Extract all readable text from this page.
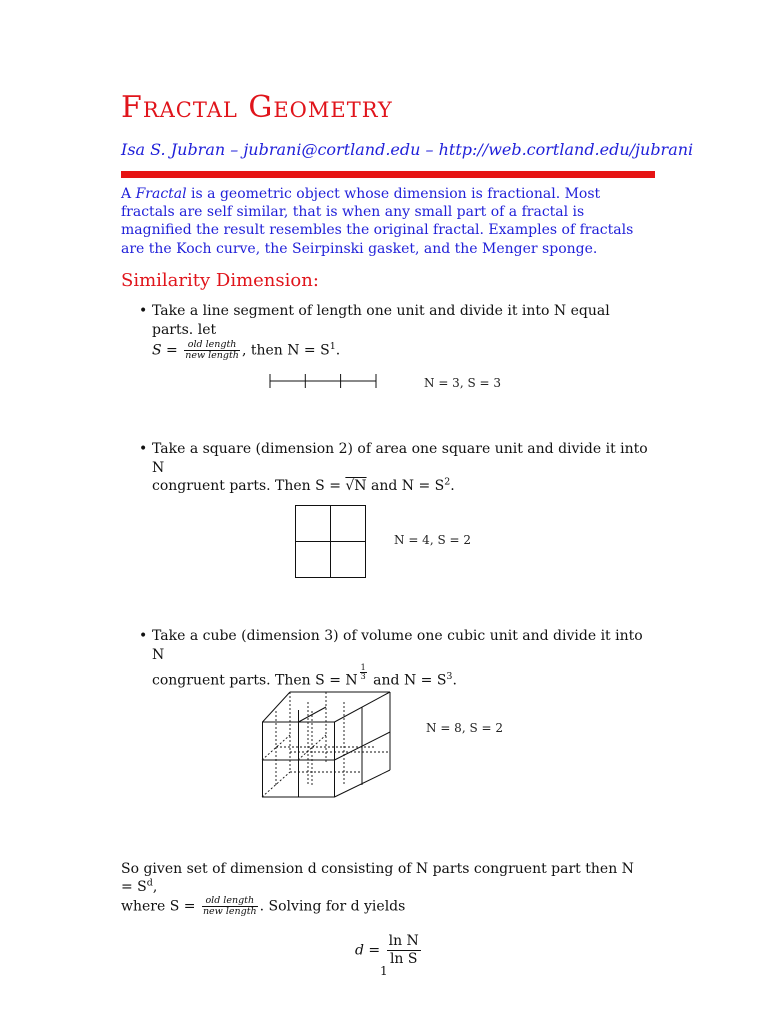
Fractal Geometry
Isa S. Jubran – jubrani@cortland.edu – http://web.cortland.edu/jubrani

A Fractal is a geometric object whose dimension is fractional. Most fractals are self similar, that is when any small part of a fractal is magnified the result resembles the original fractal. Examples of fractals are the Koch curve, the Seirpinski gasket, and the Menger sponge.

Similarity Dimension:
• Take a line segment of length one unit and divide it into N equal parts. let
$S = \frac{\text{old length}}{\text{new length}}$ , then $N = S^1$.
N = 3, S = 3
• Take a square (dimension 2) of area one square unit and divide it into N
congruent parts. Then S = √N and $N = S^2$.
N = 4, S = 2
• Take a cube (dimension 3) of volume one cubic unit and divide it into N
congruent parts. Then S = N $\frac{1}{3}$ and $N = S^3$.
N = 8, S = 2
So given set of dimension d consisting of N parts congruent part then $N = S^d$,
where $S = \frac{\text{old length}}{\text{new length}}$ . Solving for d yields
$d = \frac{\text{ln N}}{\text{ln S}}$
1
